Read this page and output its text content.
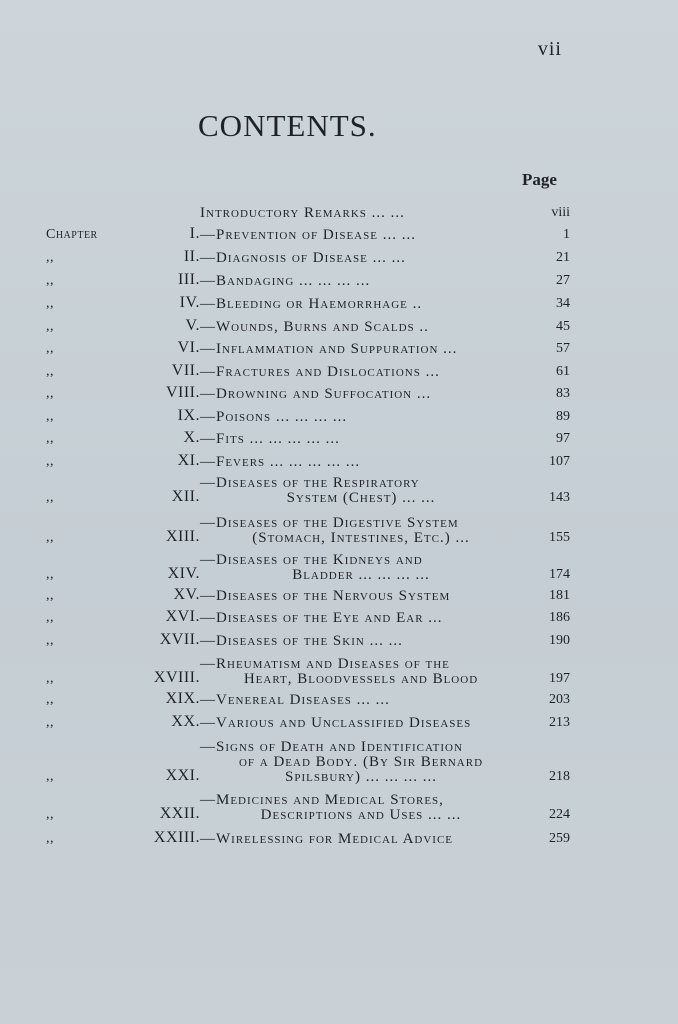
vii
CONTENTS.
Page
Introductory Remarks ... ...	viii
Chapter	I. —Prevention of Disease ... ...	1
,,	II. —Diagnosis of Disease ... ...	21
,,	III. —Bandaging ... ... ... ...	27
,,	IV. —Bleeding or Haemorrhage ..	34
,,	V. —Wounds, Burns and Scalds ..	45
,,	VI. —Inflammation and Suppuration ...	57
,,	VII. —Fractures and Dislocations ...	61
,,	VIII. —Drowning and Suffocation ...	83
,,	IX. —Poisons ... ... ... ...	89
,,	X. —Fits ... ... ... ... ...	97
,,	XI. —Fevers ... ... ... ... ...	107
,,	XII.
—Diseases of the Respiratory
System (Chest) ... ...	143
,,	XIII.
—Diseases of the Digestive System
(Stomach, Intestines, Etc.) ...	155
,,	XIV.
—Diseases of the Kidneys and
Bladder ... ... ... ...	174
,,	XV. —Diseases of the Nervous System	181
,,	XVI. —Diseases of the Eye and Ear ...	186
,,	XVII. —Diseases of the Skin ... ...	190
,,	XVIII.
—Rheumatism and Diseases of the
Heart, Bloodvessels and Blood	197
,,	XIX. —Venereal Diseases ... ...	203
,,	XX. —Various and Unclassified Diseases	213
,,	XXI.
—Signs of Death and Identification
of a Dead Body. (By Sir Bernard
Spilsbury) ... ... ... ...	218
,,	XXII.
—Medicines and Medical Stores,
Descriptions and Uses ... ...	224
,,	XXIII. —Wirelessing for Medical Advice	259
